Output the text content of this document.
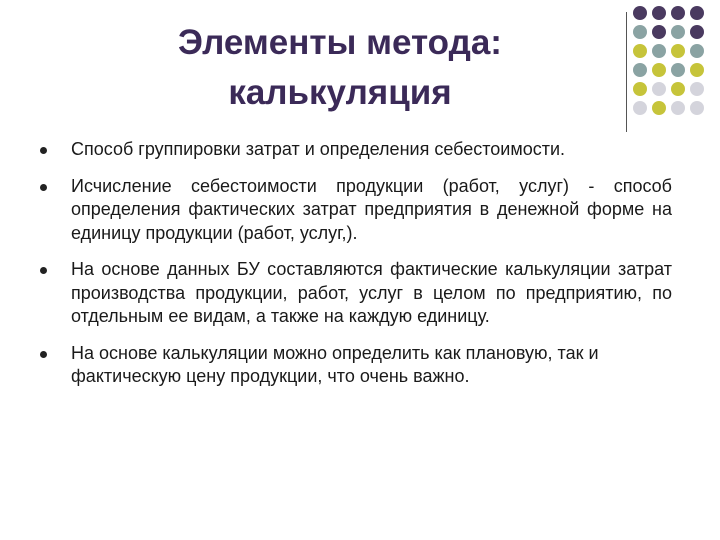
Элементы метода:
калькуляция
Способ группировки затрат и определения себестоимости.
Исчисление себестоимости продукции (работ, услуг) - способ определения фактических затрат предприятия в денежной форме на единицу продукции (работ, услуг,).
На основе данных БУ составляются фактические калькуляции затрат производства продукции, работ, услуг в целом по предприятию, по отдельным ее видам, а также на каждую единицу.
На основе калькуляции можно определить как плановую, так и фактическую цену продукции, что очень важно.
